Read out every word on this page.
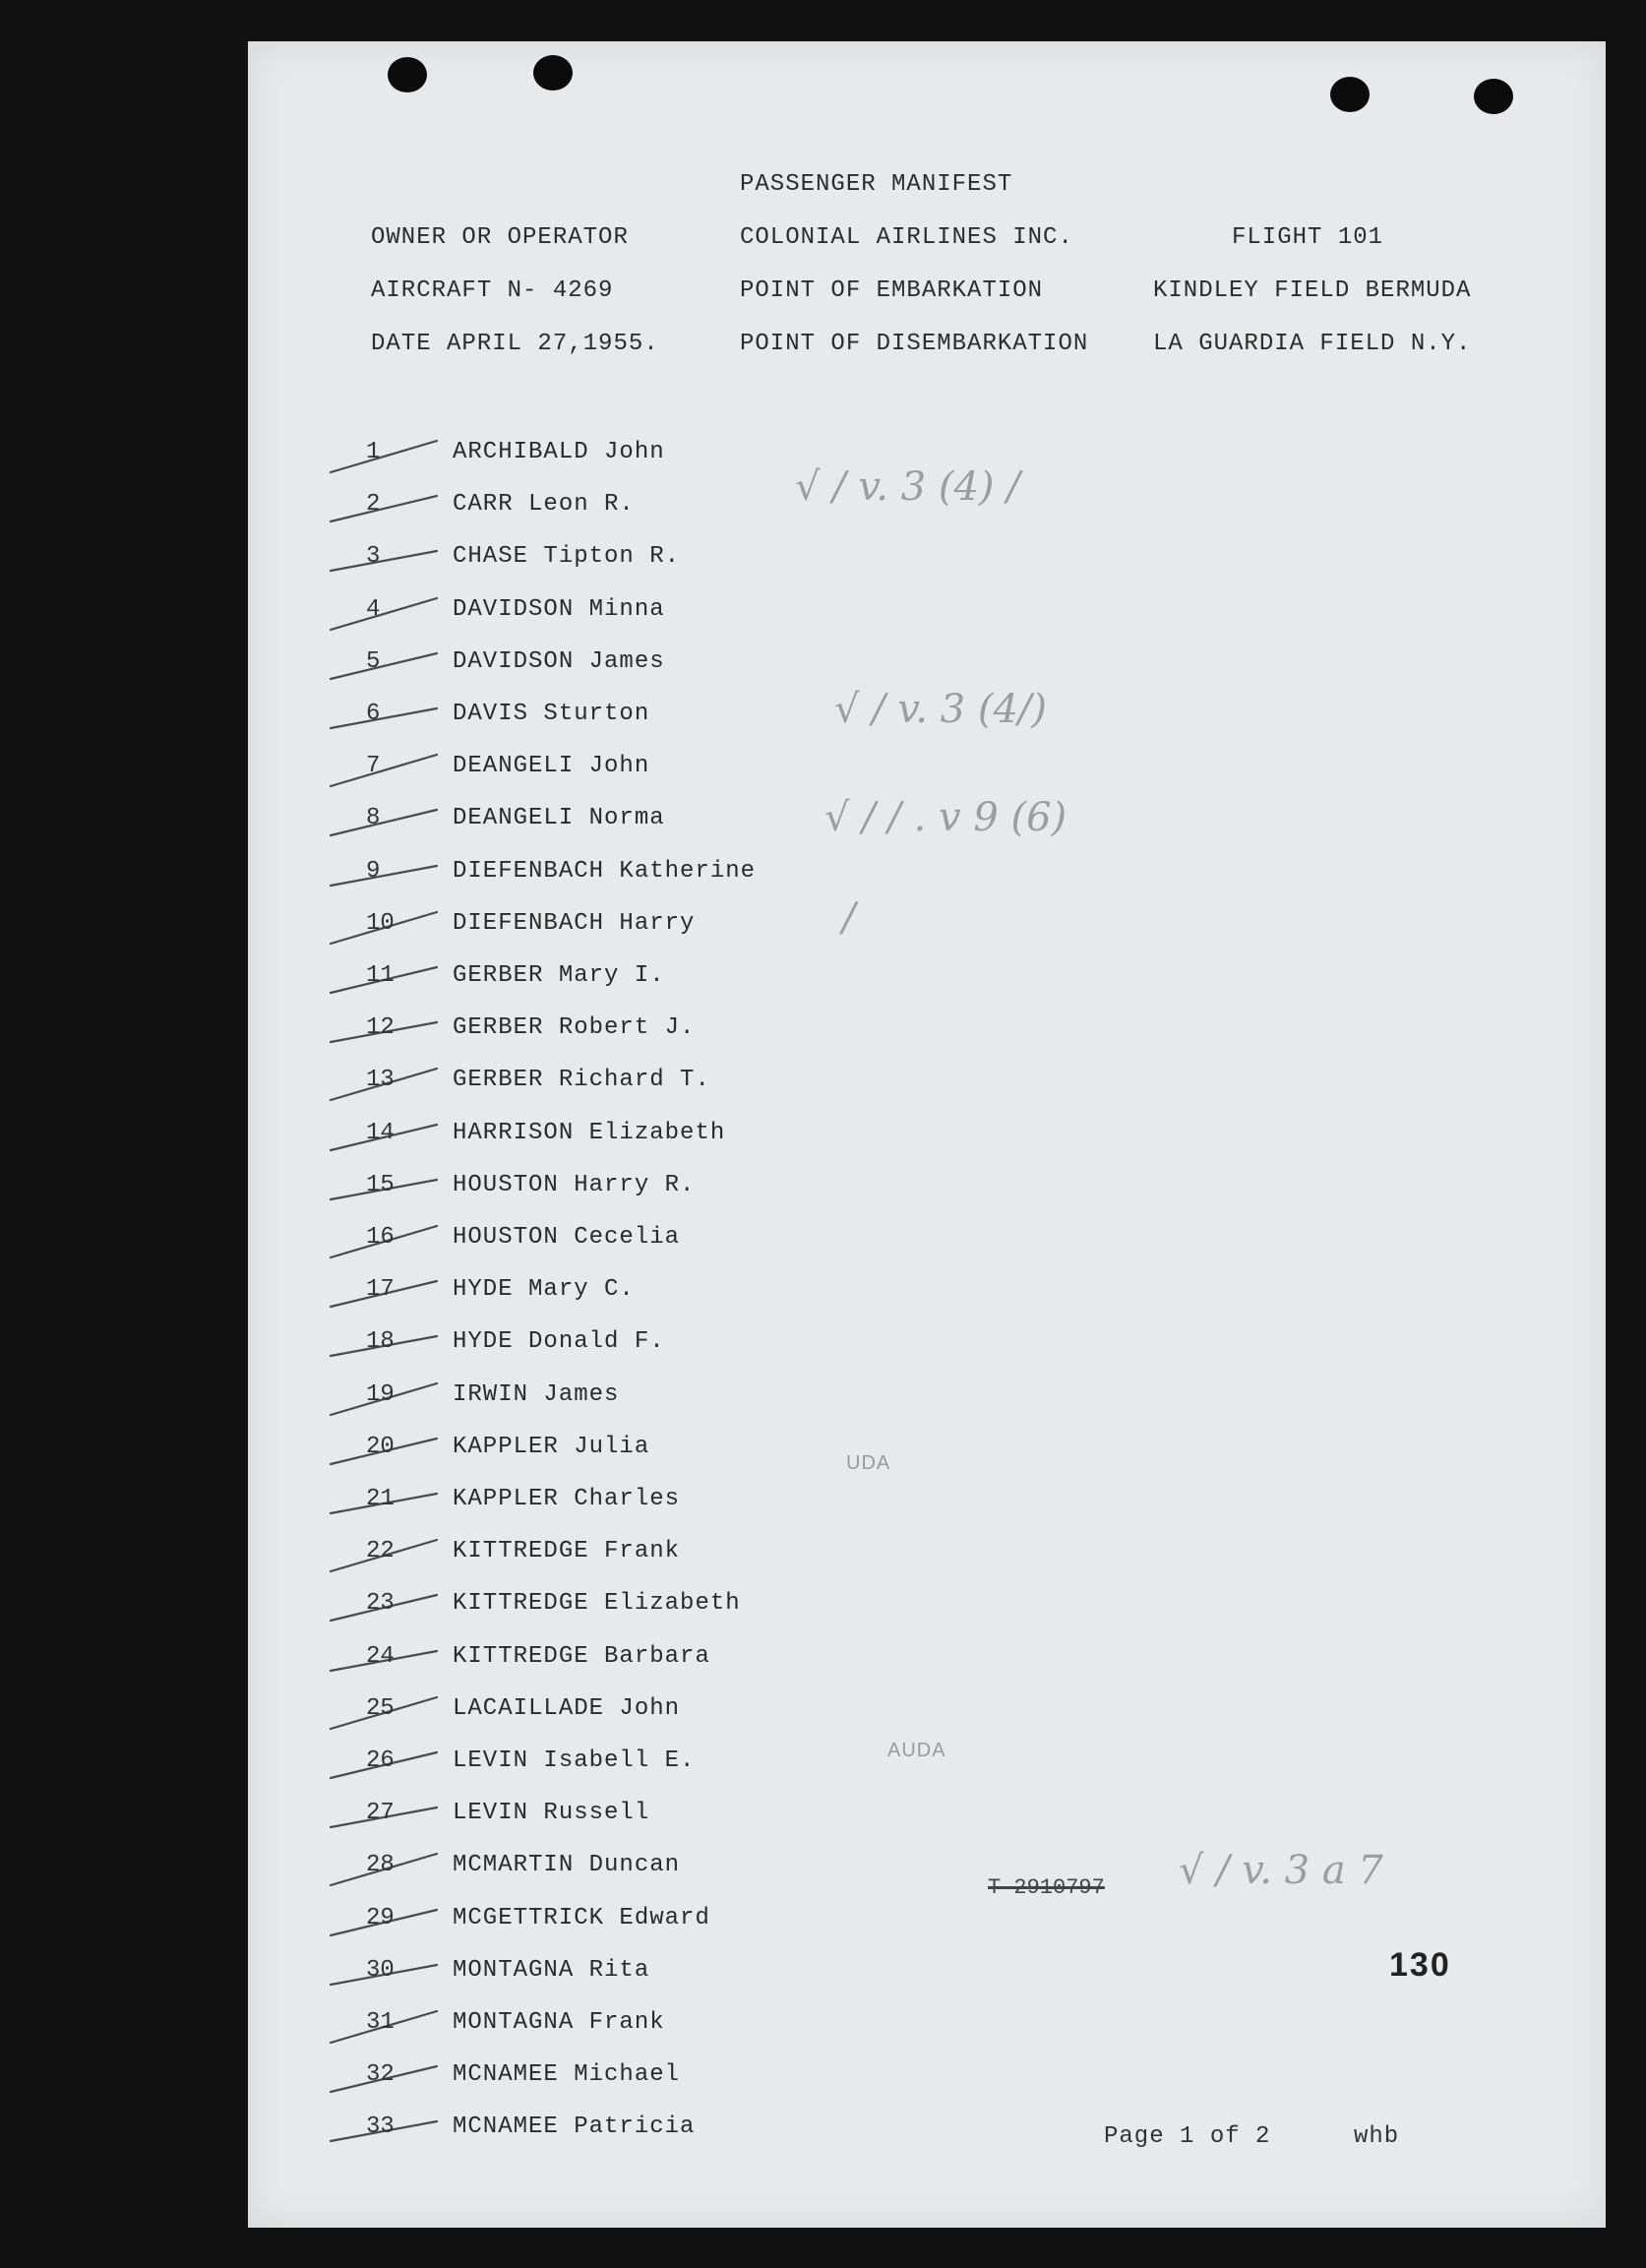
PASSENGER MANIFEST
OWNER OR OPERATOR	COLONIAL AIRLINES INC.	FLIGHT 101
AIRCRAFT N- 4269	POINT OF EMBARKATION	KINDLEY FIELD BERMUDA
DATE APRIL 27,1955.	POINT OF DISEMBARKATION	LA GUARDIA FIELD N.Y.
1	ARCHIBALD John
2	CARR Leon R.
3	CHASE Tipton R.
4	DAVIDSON Minna
5	DAVIDSON James
6	DAVIS Sturton
7	DEANGELI John
8	DEANGELI Norma
9	DIEFENBACH Katherine
10	DIEFENBACH Harry
11	GERBER Mary I.
12	GERBER Robert J.
13	GERBER Richard T.
14	HARRISON Elizabeth
15	HOUSTON Harry R.
16	HOUSTON Cecelia
17	HYDE Mary C.
18	HYDE Donald F.
19	IRWIN James
20	KAPPLER Julia
21	KAPPLER Charles
22	KITTREDGE Frank
23	KITTREDGE Elizabeth
24	KITTREDGE Barbara
25	LACAILLADE John
26	LEVIN Isabell E.
27	LEVIN Russell
28	MCMARTIN Duncan
29	MCGETTRICK Edward
30	MONTAGNA Rita
31	MONTAGNA Frank
32	MCNAMEE Michael
33	MCNAMEE Patricia
√ / v. 3 (4) /
√ / v. 3 (4/)
√ / / . v 9 (6)
/
UDA
AUDA
T 2910797 √ / v. 3 a 7
130
Page 1 of 2	whb
